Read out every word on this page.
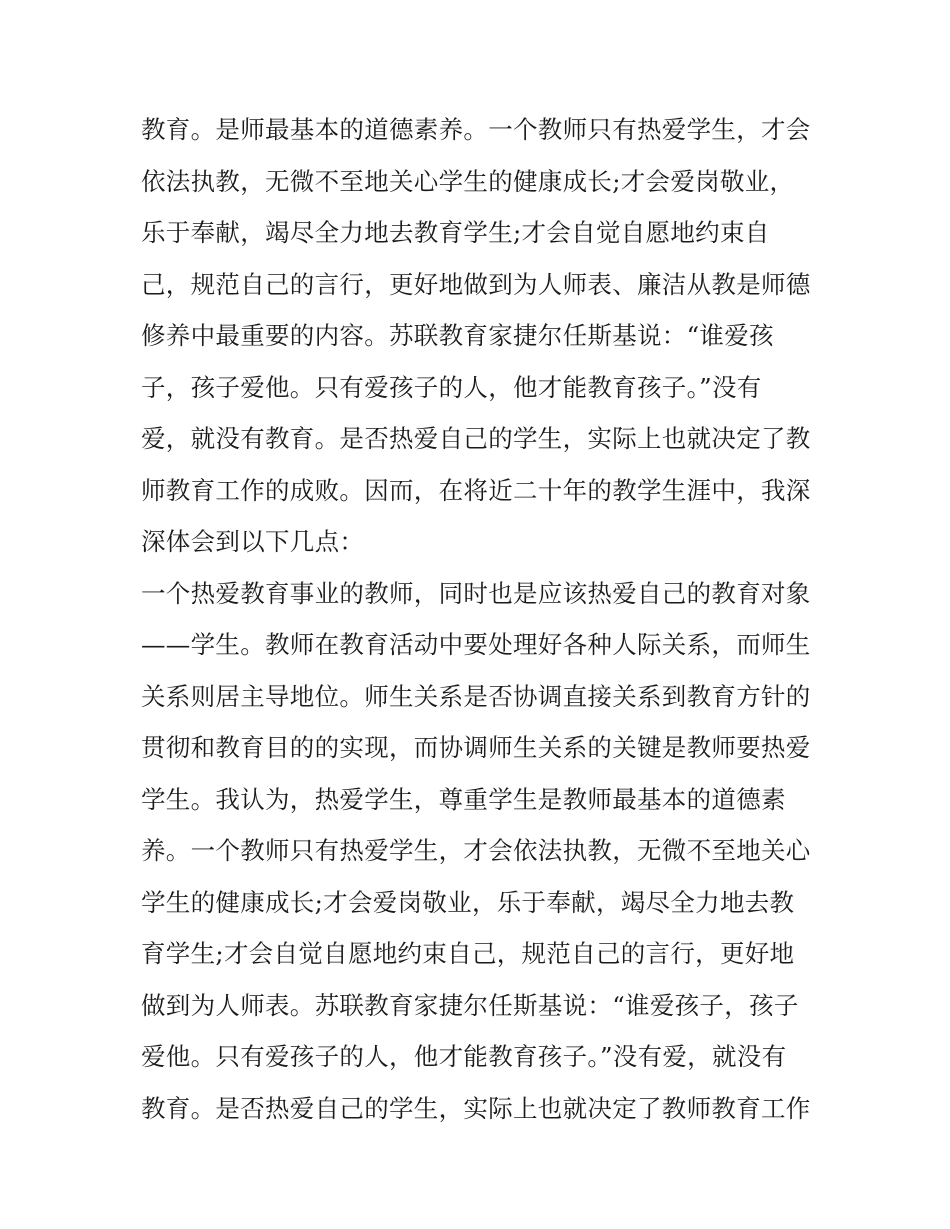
教育。是师最基本的道德素养。一个教师只有热爱学生，才会
依法执教，无微不至地关心学生的健康成长;才会爱岗敬业，
乐于奉献，竭尽全力地去教育学生;才会自觉自愿地约束自
己，规范自己的言行，更好地做到为人师表、廉洁从教是师德
修养中最重要的内容。苏联教育家捷尔任斯基说：“谁爱孩
子，孩子爱他。只有爱孩子的人，他才能教育孩子。”没有
爱，就没有教育。是否热爱自己的学生，实际上也就决定了教
师教育工作的成败。因而，在将近二十年的教学生涯中，我深
深体会到以下几点：
一个热爱教育事业的教师，同时也是应该热爱自己的教育对象
——学生。教师在教育活动中要处理好各种人际关系，而师生
关系则居主导地位。师生关系是否协调直接关系到教育方针的
贯彻和教育目的的实现，而协调师生关系的关键是教师要热爱
学生。我认为，热爱学生，尊重学生是教师最基本的道德素
养。一个教师只有热爱学生，才会依法执教，无微不至地关心
学生的健康成长;才会爱岗敬业，乐于奉献，竭尽全力地去教
育学生;才会自觉自愿地约束自己，规范自己的言行，更好地
做到为人师表。苏联教育家捷尔任斯基说：“谁爱孩子，孩子
爱他。只有爱孩子的人，他才能教育孩子。”没有爱，就没有
教育。是否热爱自己的学生，实际上也就决定了教师教育工作
